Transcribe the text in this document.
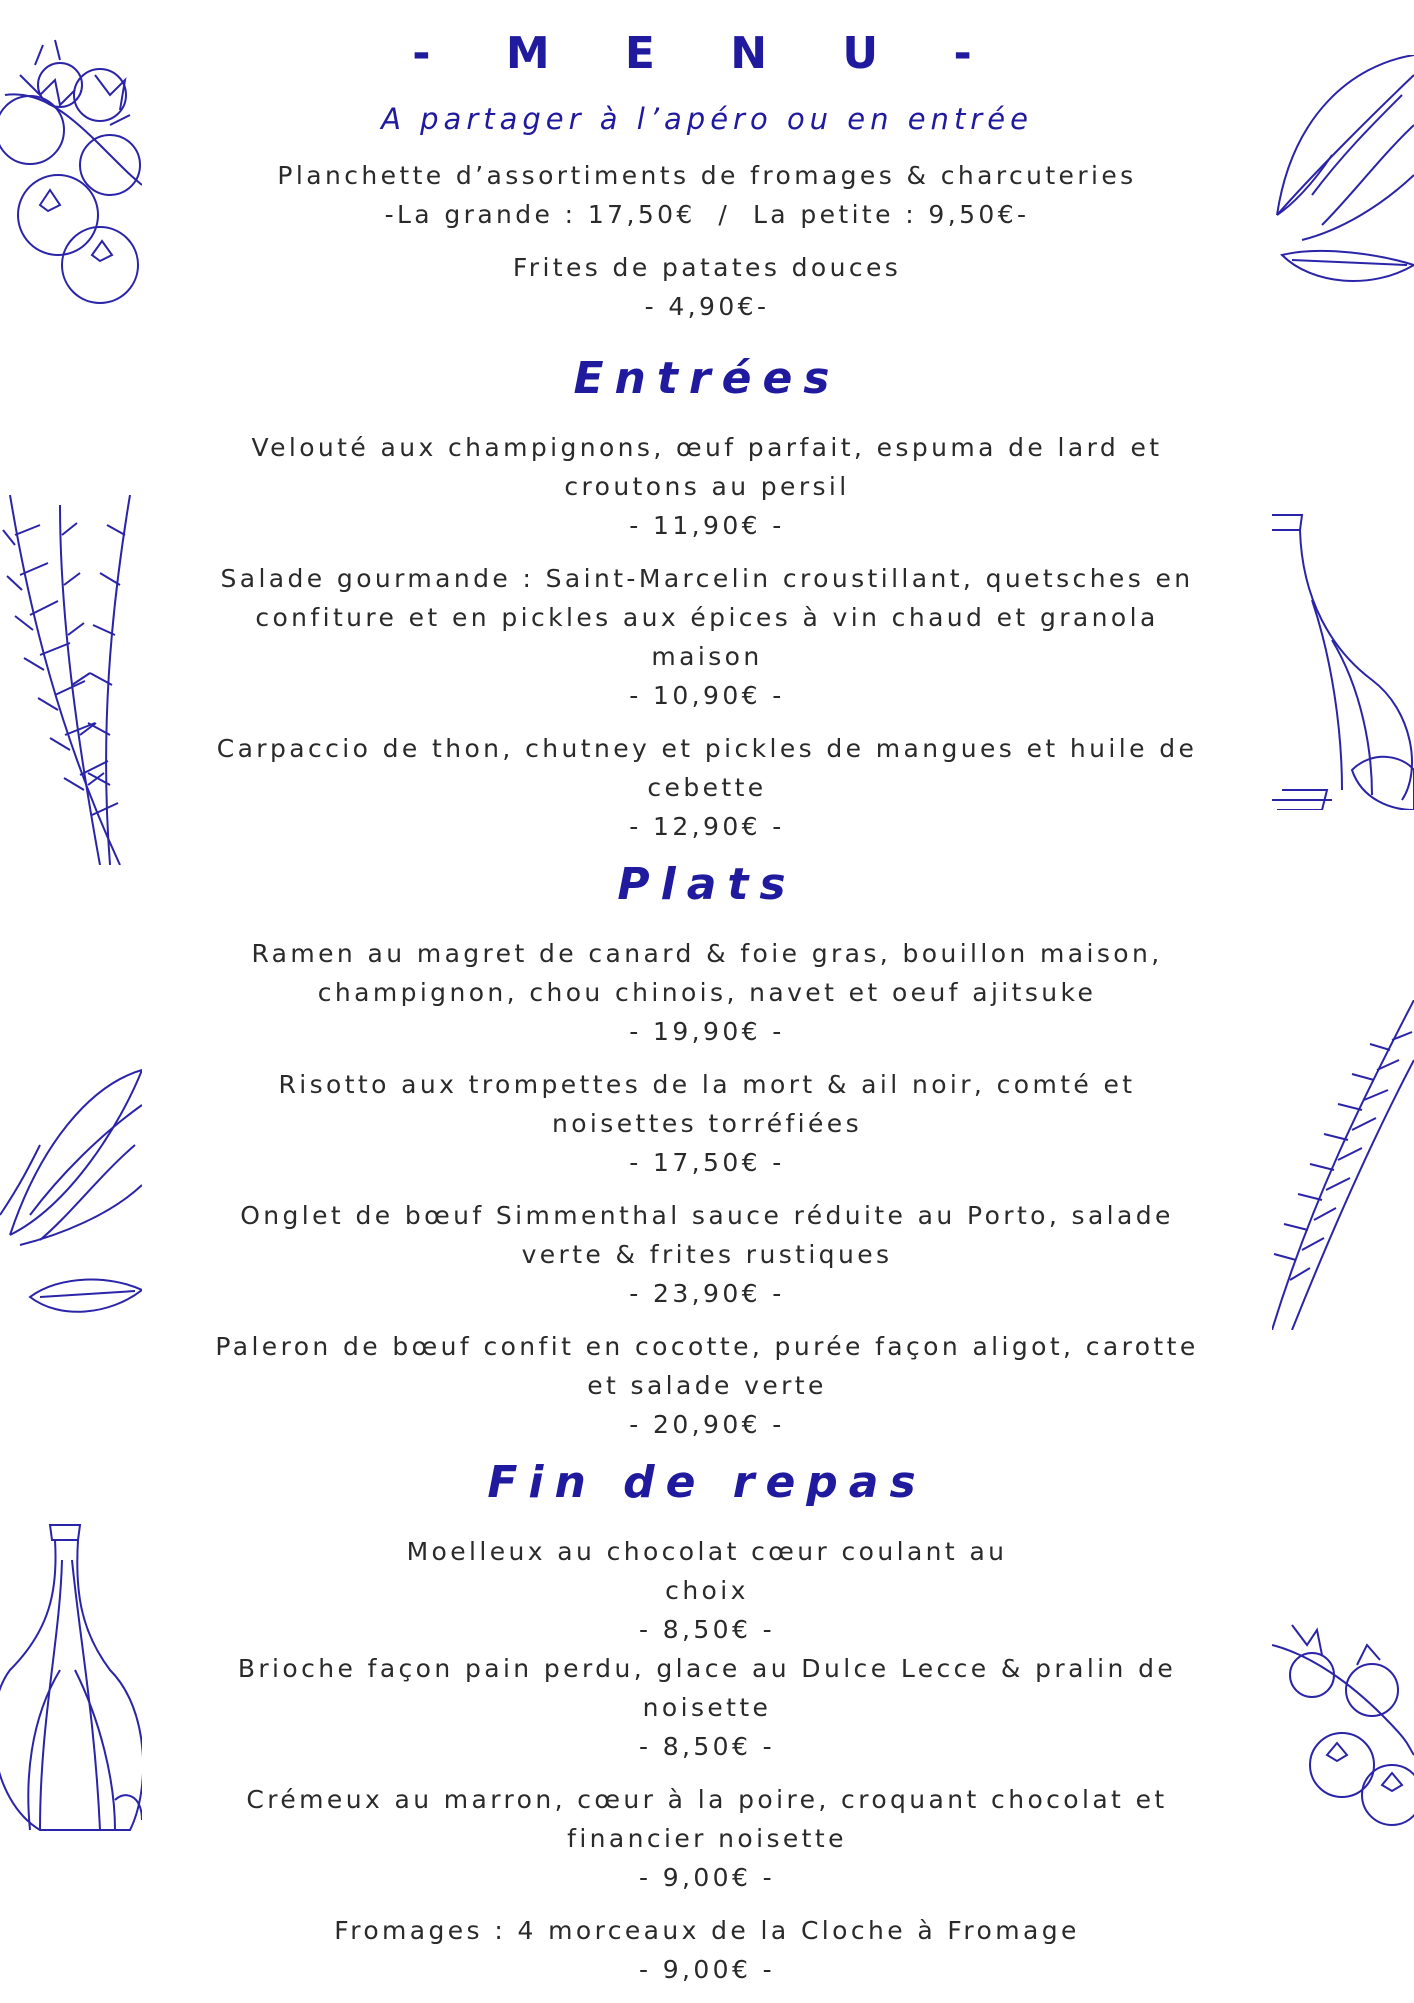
- M E N U -
A partager à l’apéro ou en entrée
Planchette d’assortiments de fromages & charcuteries
-La grande : 17,50€  /  La petite : 9,50€-
Frites de patates douces
- 4,90€-
Entrées
Velouté aux champignons, œuf parfait, espuma de lard et
croutons au persil
- 11,90€ -
Salade gourmande : Saint-Marcelin croustillant, quetsches en
confiture et en pickles aux épices à vin chaud et granola
maison
- 10,90€ -
Carpaccio de thon, chutney et pickles de mangues et huile de
cebette
- 12,90€ -
Plats
Ramen au magret de canard & foie gras, bouillon maison,
champignon, chou chinois, navet et oeuf ajitsuke
- 19,90€ -
Risotto aux trompettes de la mort & ail noir, comté et
noisettes torréfiées
- 17,50€ -
Onglet de bœuf Simmenthal sauce réduite au Porto, salade
verte & frites rustiques
- 23,90€ -
Paleron de bœuf confit en cocotte, purée façon aligot, carotte
et salade verte
- 20,90€ -
Fin de repas
Moelleux au chocolat cœur coulant au
choix
- 8,50€ -
Brioche façon pain perdu, glace au Dulce Lecce & pralin de
noisette
- 8,50€ -
Crémeux au marron, cœur à la poire, croquant chocolat et
financier noisette
- 9,00€ -
Fromages : 4 morceaux de la Cloche à Fromage
- 9,00€ -
